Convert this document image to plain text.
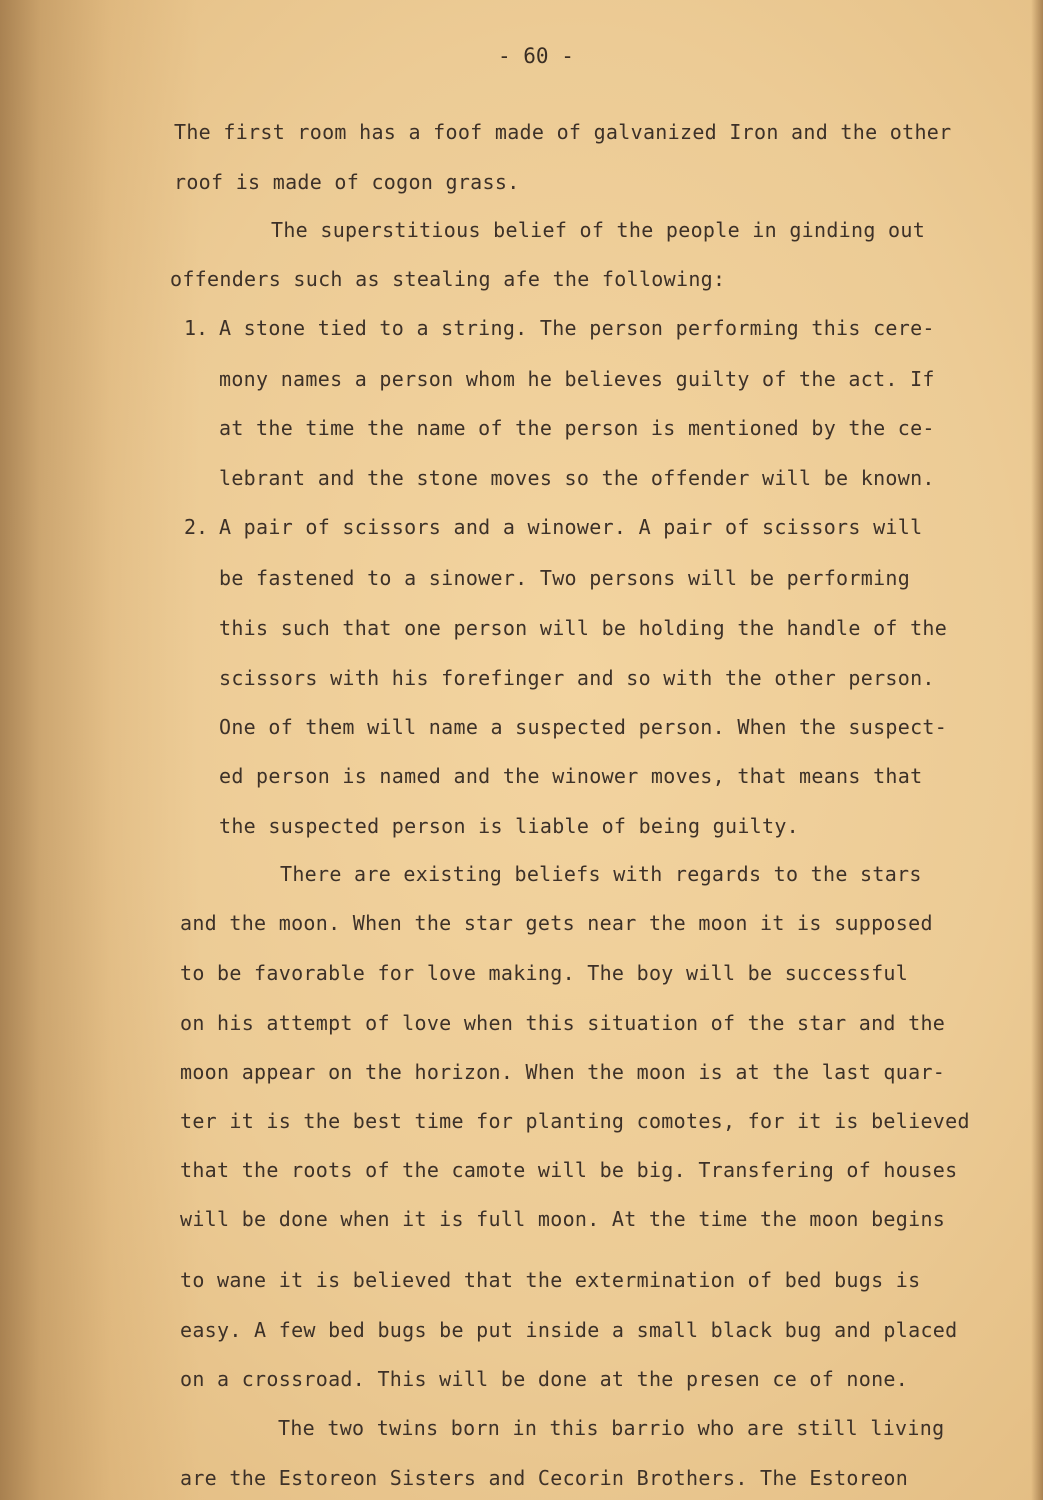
- 60 -
The first room has a foof made of galvanized Iron and the other
roof is made of cogon grass.
The superstitious belief of the people in ginding out
offenders such as stealing afe the following:
1. A stone tied to a string. The person performing this cere-
mony names a person whom he believes guilty of the act. If
at the time the name of the person is mentioned by the ce-
lebrant and the stone moves so the offender will be known.
2. A pair of scissors and a winower. A pair of scissors will
be fastened to a sinower. Two persons will be performing
this such that one person will be holding the handle of the
scissors with his forefinger and so with the other person.
One of them will name a suspected person. When the suspect-
ed person is named and the winower moves, that means that
the suspected person is liable of being guilty.
There are existing beliefs with regards to the stars
and the moon. When the star gets near the moon it is supposed
to be favorable for love making. The boy will be successful
on his attempt of love when this situation of the star and the
moon appear on the horizon. When the moon is at the last quar-
ter it is the best time for planting comotes, for it is believed
that the roots of the camote will be big. Transfering of houses
will be done when it is full moon. At the time the moon begins
to wane it is believed that the extermination of bed bugs is
easy. A few bed bugs be put inside a small black bug and placed
on a crossroad. This will be done at the presen ce of none.
The two twins born in this barrio who are still living
are the Estoreon Sisters and Cecorin Brothers. The Estoreon
